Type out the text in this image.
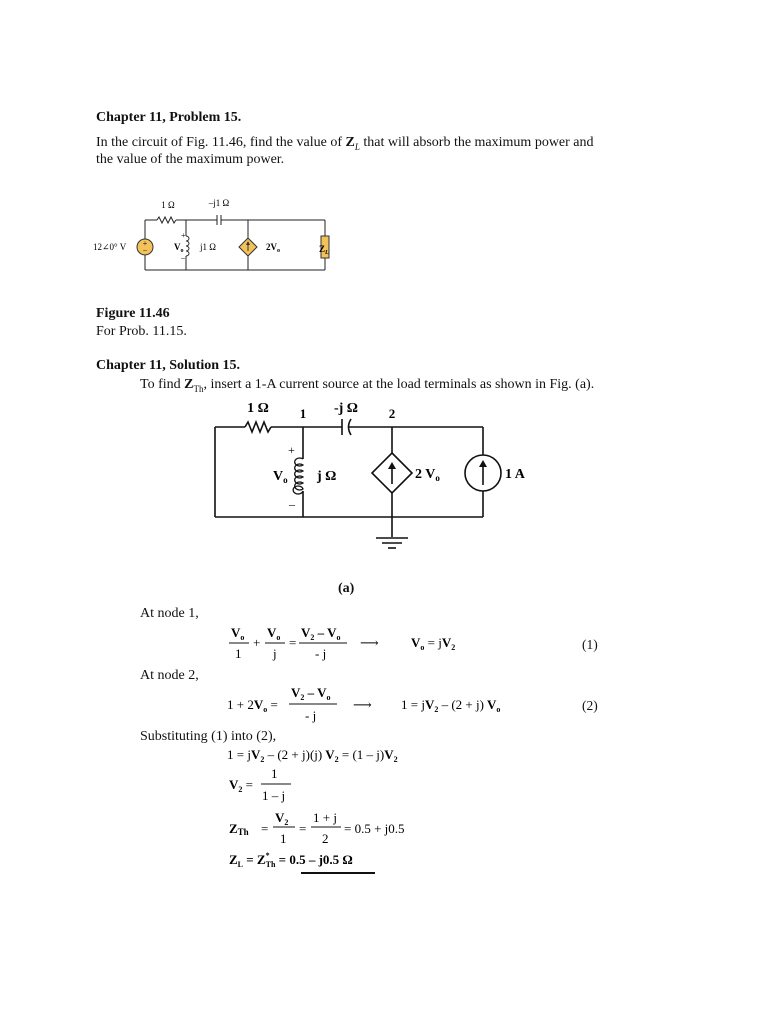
Chapter 11, Problem 15.
In the circuit of Fig. 11.46, find the value of $Z_L$ that will absorb the maximum power and
the value of the maximum power.
+
−
1 Ω	–j1 Ω
12∠0° V
+
$V_o$
–
j1 Ω	$2V_o$	$Z_L$
Figure 11.46
For Prob. 11.15.
Chapter 11, Solution 15.
To find $Z_{Th}$, insert a 1-A current source at the load terminals as shown in Fig. (a).
1 Ω 1 -j Ω 2
+
$V_o$
–
j Ω	2 $V_o$	1 A
(a)
At node 1,
$V_o$
1
+
$V_o$
j
=
$V_2 - V_o$
- j
⟶ $V_o = jV_2$	(1)
At node 2,
$1 + 2V_o$ =
$V_2 - V_o$
- j
⟶ $1 = jV_2 - (2 + j)$ $V_o$	(2)
Substituting (1) into (2),
$1 = jV_2 - (2 + j)(j) V_2 = (1 - j)V_2$
$V_2$ =
1
1 – j
ZTh =
$V_2$
1
=
1 + j
2
= 0.5 + j0.5
$Z_L = Z^*$ Th = 0.5 – j0.5 Ω
